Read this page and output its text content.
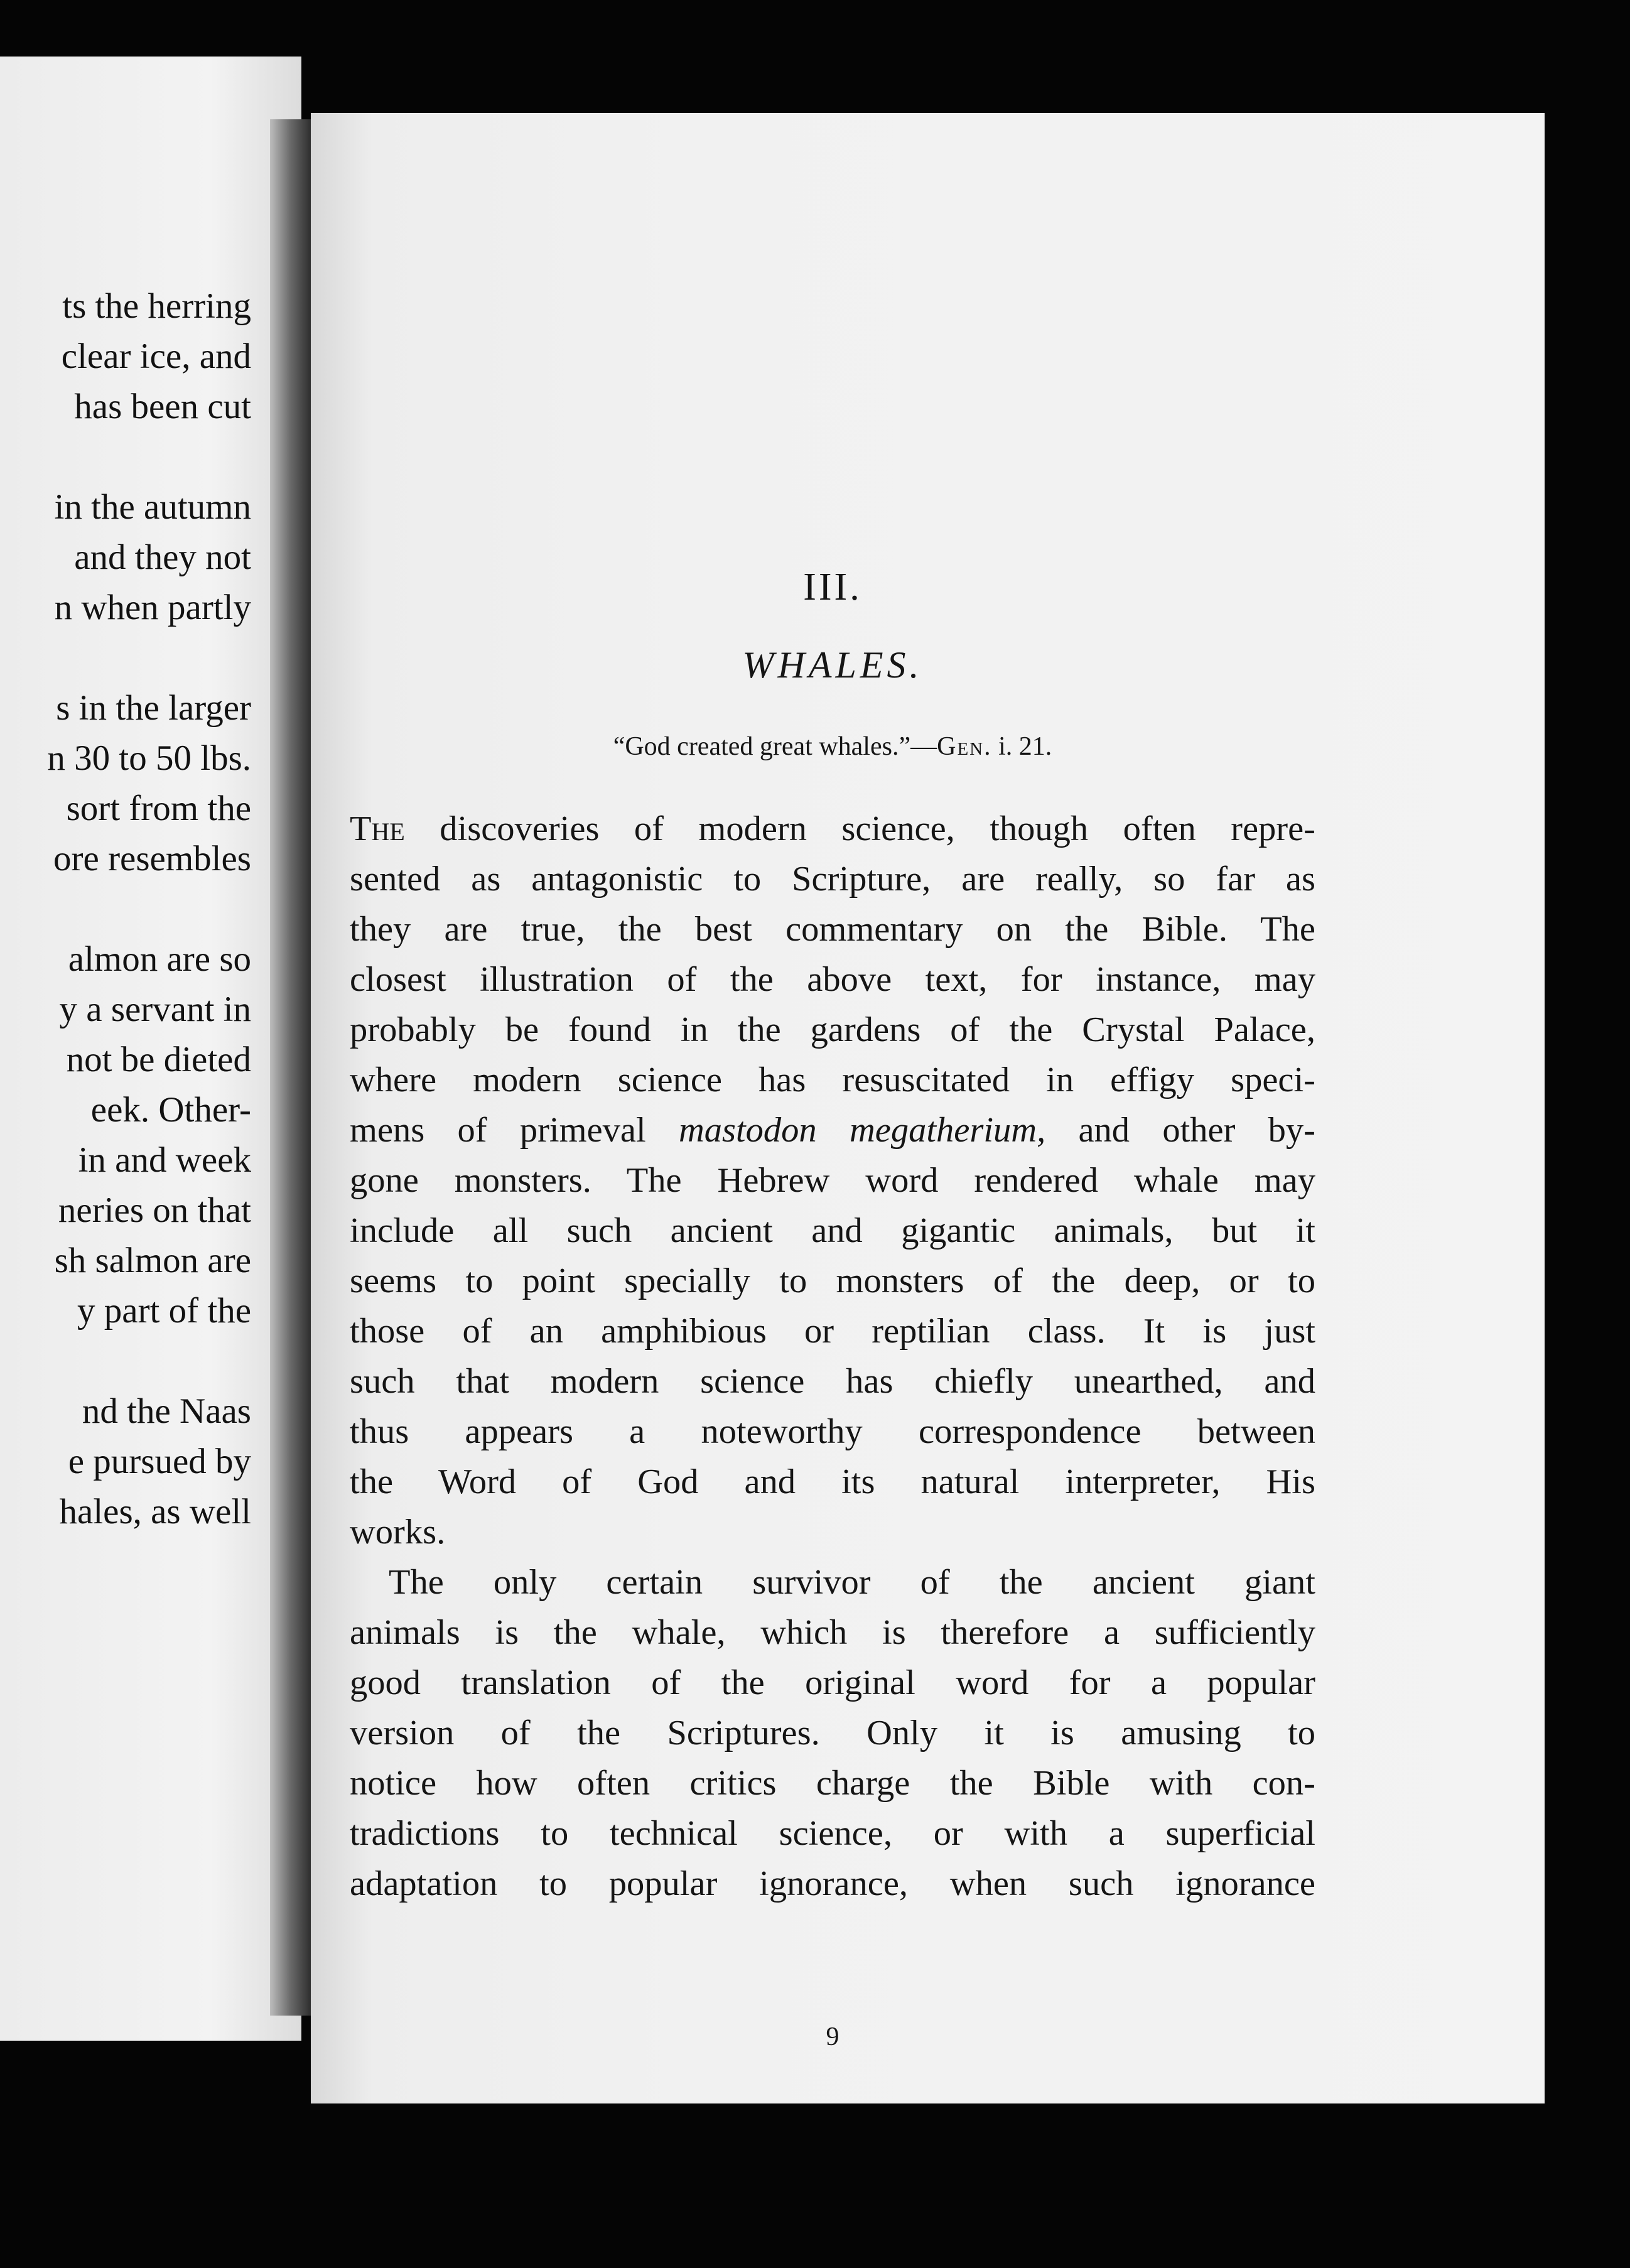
ts the herring
clear ice, and
has been cut
in the autumn
and they not
n when partly
s in the larger
n 30 to 50 lbs.
sort from the
ore resembles
almon are so
y a servant in
not be dieted
eek. Other-
in and week
neries on that
sh salmon are
y part of the
nd the Naas
e pursued by
hales, as well
III.
WHALES.
“God created great whales.”—Gen. i. 21.
The discoveries of modern science, though often repre-
sented as antagonistic to Scripture, are really, so far as
they are true, the best commentary on the Bible. The
closest illustration of the above text, for instance, may
probably be found in the gardens of the Crystal Palace,
where modern science has resuscitated in effigy speci-
mens of primeval mastodon megatherium, and other by-
gone monsters. The Hebrew word rendered whale may
include all such ancient and gigantic animals, but it
seems to point specially to monsters of the deep, or to
those of an amphibious or reptilian class. It is just
such that modern science has chiefly unearthed, and
thus appears a noteworthy correspondence between
the Word of God and its natural interpreter, His
works.
The only certain survivor of the ancient giant
animals is the whale, which is therefore a sufficiently
good translation of the original word for a popular
version of the Scriptures. Only it is amusing to
notice how often critics charge the Bible with con-
tradictions to technical science, or with a superficial
adaptation to popular ignorance, when such ignorance
9
